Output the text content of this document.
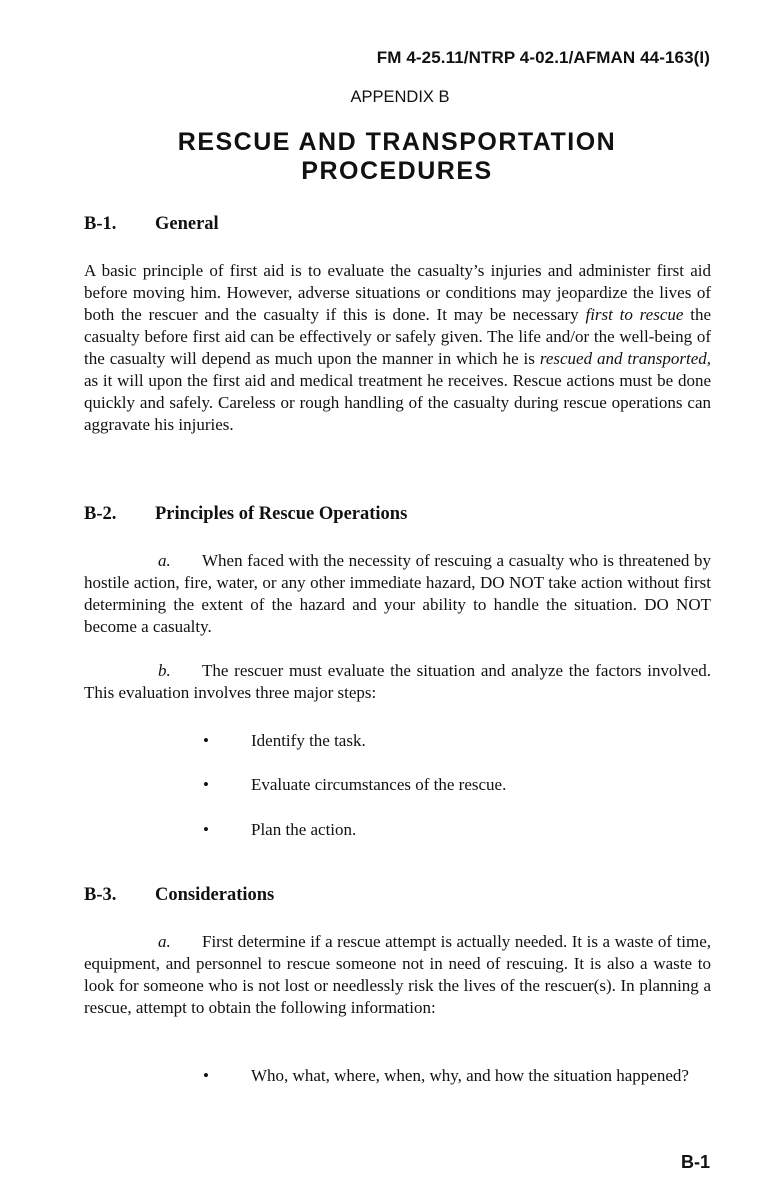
FM 4-25.11/NTRP 4-02.1/AFMAN 44-163(I)
APPENDIX B
RESCUE AND TRANSPORTATION
PROCEDURES
B-1. General

A basic principle of first aid is to evaluate the casualty’s injuries and administer first aid before moving him. However, adverse situations or conditions may jeopardize the lives of both the rescuer and the casualty if this is done. It may be necessary first to rescue the casualty before first aid can be effectively or safely given. The life and/or the well-being of the casualty will depend as much upon the manner in which he is rescued and transported, as it will upon the first aid and medical treatment he receives. Rescue actions must be done quickly and safely. Careless or rough handling of the casualty during rescue operations can aggravate his injuries.

B-2. Principles of Rescue Operations

a. When faced with the necessity of rescuing a casualty who is threatened by hostile action, fire, water, or any other immediate hazard, DO NOT take action without first determining the extent of the hazard and your ability to handle the situation. DO NOT become a casualty.

b. The rescuer must evaluate the situation and analyze the factors involved. This evaluation involves three major steps:

• Identify the task.
• Evaluate circumstances of the rescue.
• Plan the action.
B-3. Considerations

a. First determine if a rescue attempt is actually needed. It is a waste of time, equipment, and personnel to rescue someone not in need of rescuing. It is also a waste to look for someone who is not lost or needlessly risk the lives of the rescuer(s). In planning a rescue, attempt to obtain the following information:

• Who, what, where, when, why, and how the situation happened?
B-1
